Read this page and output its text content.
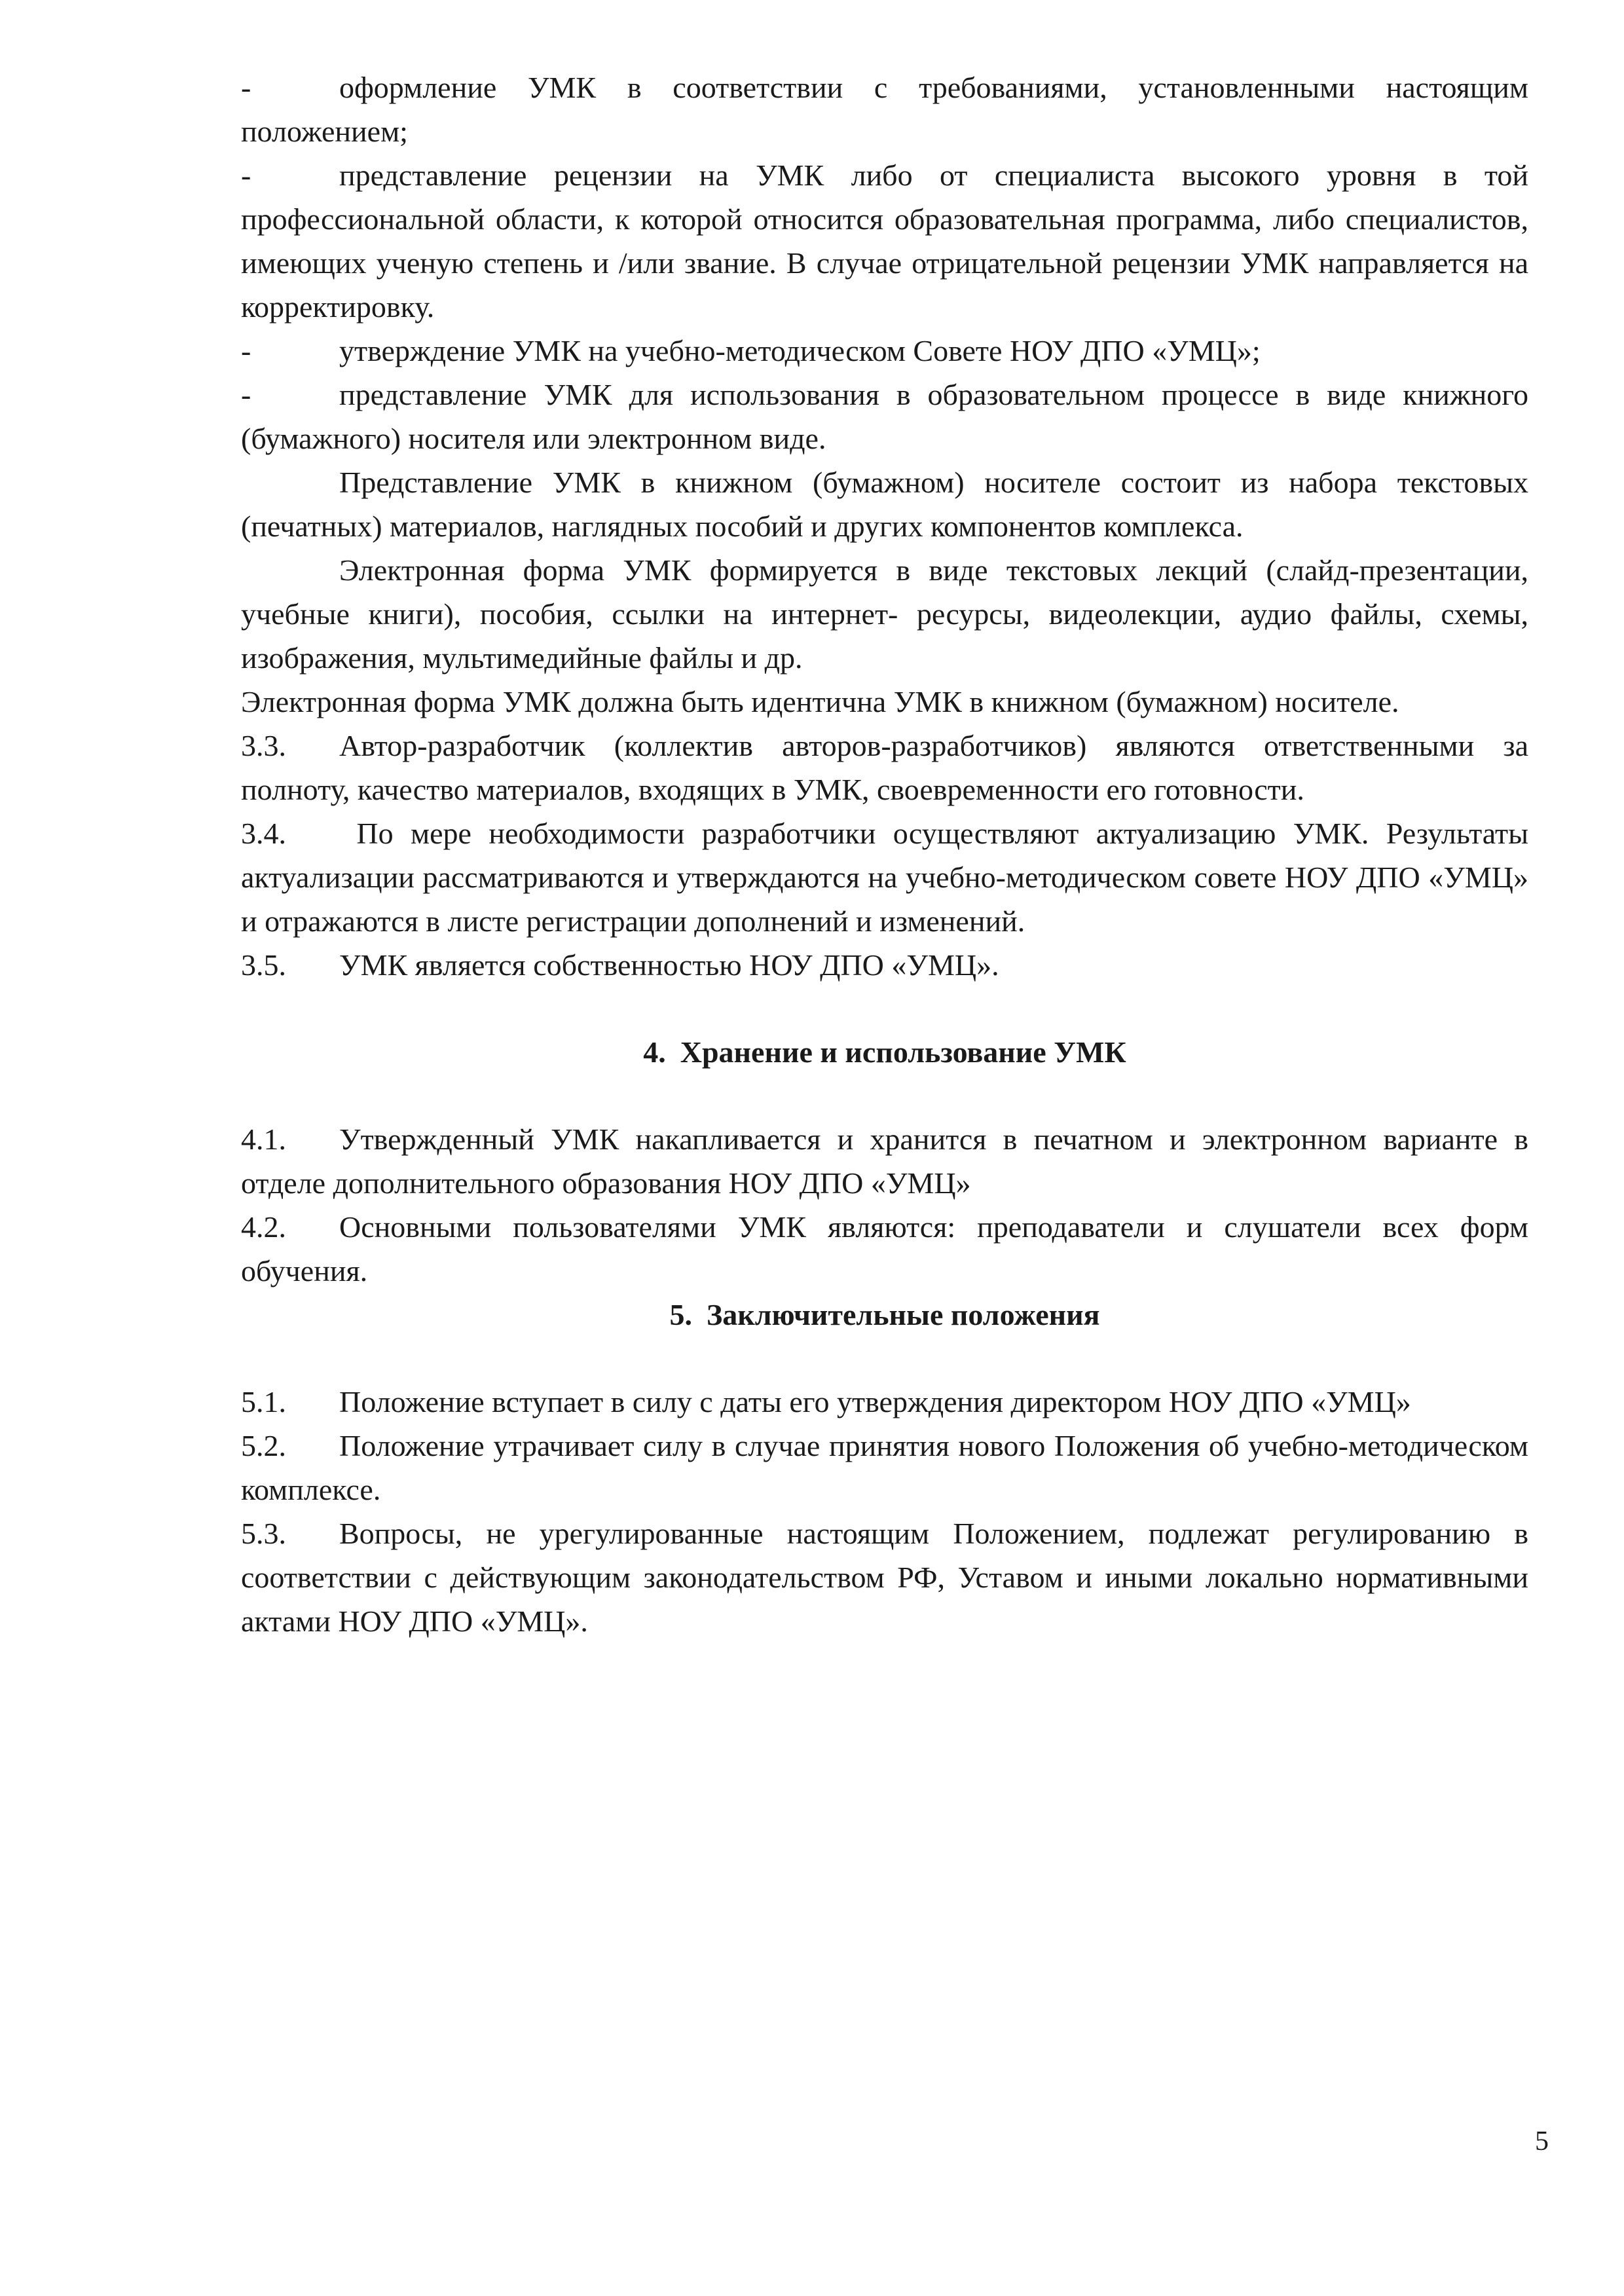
-	оформление УМК в соответствии с требованиями, установленными настоящим положением;
-	представление рецензии на УМК либо от специалиста высокого уровня в той профессиональной области, к которой относится образовательная программа, либо специалистов, имеющих ученую степень и /или звание. В случае отрицательной рецензии УМК направляется на корректировку.
-	утверждение УМК на учебно-методическом Совете НОУ ДПО «УМЦ»;
-	представление УМК для использования в образовательном процессе в виде книжного (бумажного) носителя или электронном виде.
Представление УМК в книжном (бумажном) носителе состоит из набора текстовых (печатных) материалов, наглядных пособий и других компонентов комплекса.
Электронная форма УМК формируется в виде текстовых лекций (слайд-презентации, учебные книги), пособия, ссылки на интернет- ресурсы, видеолекции, аудио файлы, схемы, изображения, мультимедийные файлы и др.
Электронная форма УМК должна быть идентична УМК в книжном (бумажном) носителе.
3.3. Автор-разработчик (коллектив авторов-разработчиков) являются ответственными за полноту, качество материалов, входящих в УМК, своевременности его готовности.
3.4. По мере необходимости разработчики осуществляют актуализацию УМК. Результаты актуализации рассматриваются и утверждаются на учебно-методическом совете НОУ ДПО «УМЦ» и отражаются в листе регистрации дополнений и изменений.
3.5. УМК является собственностью НОУ ДПО «УМЦ».
4. Хранение и использование УМК
4.1. Утвержденный УМК накапливается и хранится в печатном и электронном варианте в отделе дополнительного образования НОУ ДПО «УМЦ»
4.2. Основными пользователями УМК являются: преподаватели и слушатели всех форм обучения.
5. Заключительные положения
5.1. Положение вступает в силу с даты его утверждения директором НОУ ДПО «УМЦ»
5.2. Положение утрачивает силу в случае принятия нового Положения об учебно-методическом комплексе.
5.3. Вопросы, не урегулированные настоящим Положением, подлежат регулированию в соответствии с действующим законодательством РФ, Уставом и иными локально нормативными актами НОУ ДПО «УМЦ».
5
